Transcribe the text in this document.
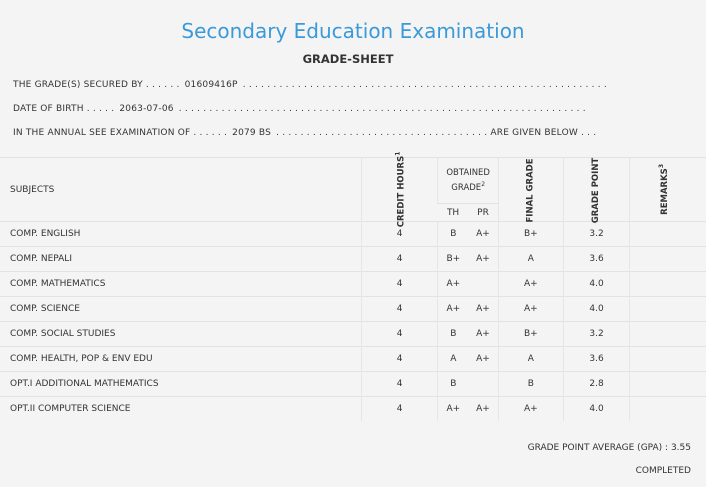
Secondary Education Examination
GRADE-SHEET
THE GRADE(S) SECURED BY . . . . . . 01609416P . . . . . . . . . . . . . . . . . . . . . . . . . . . . . . . . . . . . . . . . . . . . . . . . . . . . . . . . . . . .
DATE OF BIRTH . . . . . 2063-07-06 . . . . . . . . . . . . . . . . . . . . . . . . . . . . . . . . . . . . . . . . . . . . . . . . . . . . . . . . . . . . . . . . . . .
IN THE ANNUAL SEE EXAMINATION OF . . . . . . 2079 BS . . . . . . . . . . . . . . . . . . . . . . . . . . . . . . . . . . . ARE GIVEN BELOW . . .
SUBJECTS	CREDIT HOURS$^1$	OBTAINED GRADE$^2$		FINAL GRADE	GRADE POINT	REMARKS$^3$	
		TH	PR				
COMP. ENGLISH	4	B	A+	B+	3.2		
COMP. NEPALI	4	B+	A+	A	3.6		
COMP. MATHEMATICS	4	A+		A+	4.0		
COMP. SCIENCE	4	A+	A+	A+	4.0		
COMP. SOCIAL STUDIES	4	B	A+	B+	3.2		
COMP. HEALTH, POP & ENV EDU	4	A	A+	A	3.6		
OPT.I ADDITIONAL MATHEMATICS	4	B		B	2.8		
OPT.II COMPUTER SCIENCE	4	A+	A+	A+	4.0		
GRADE POINT AVERAGE (GPA) : 3.55
COMPLETED
